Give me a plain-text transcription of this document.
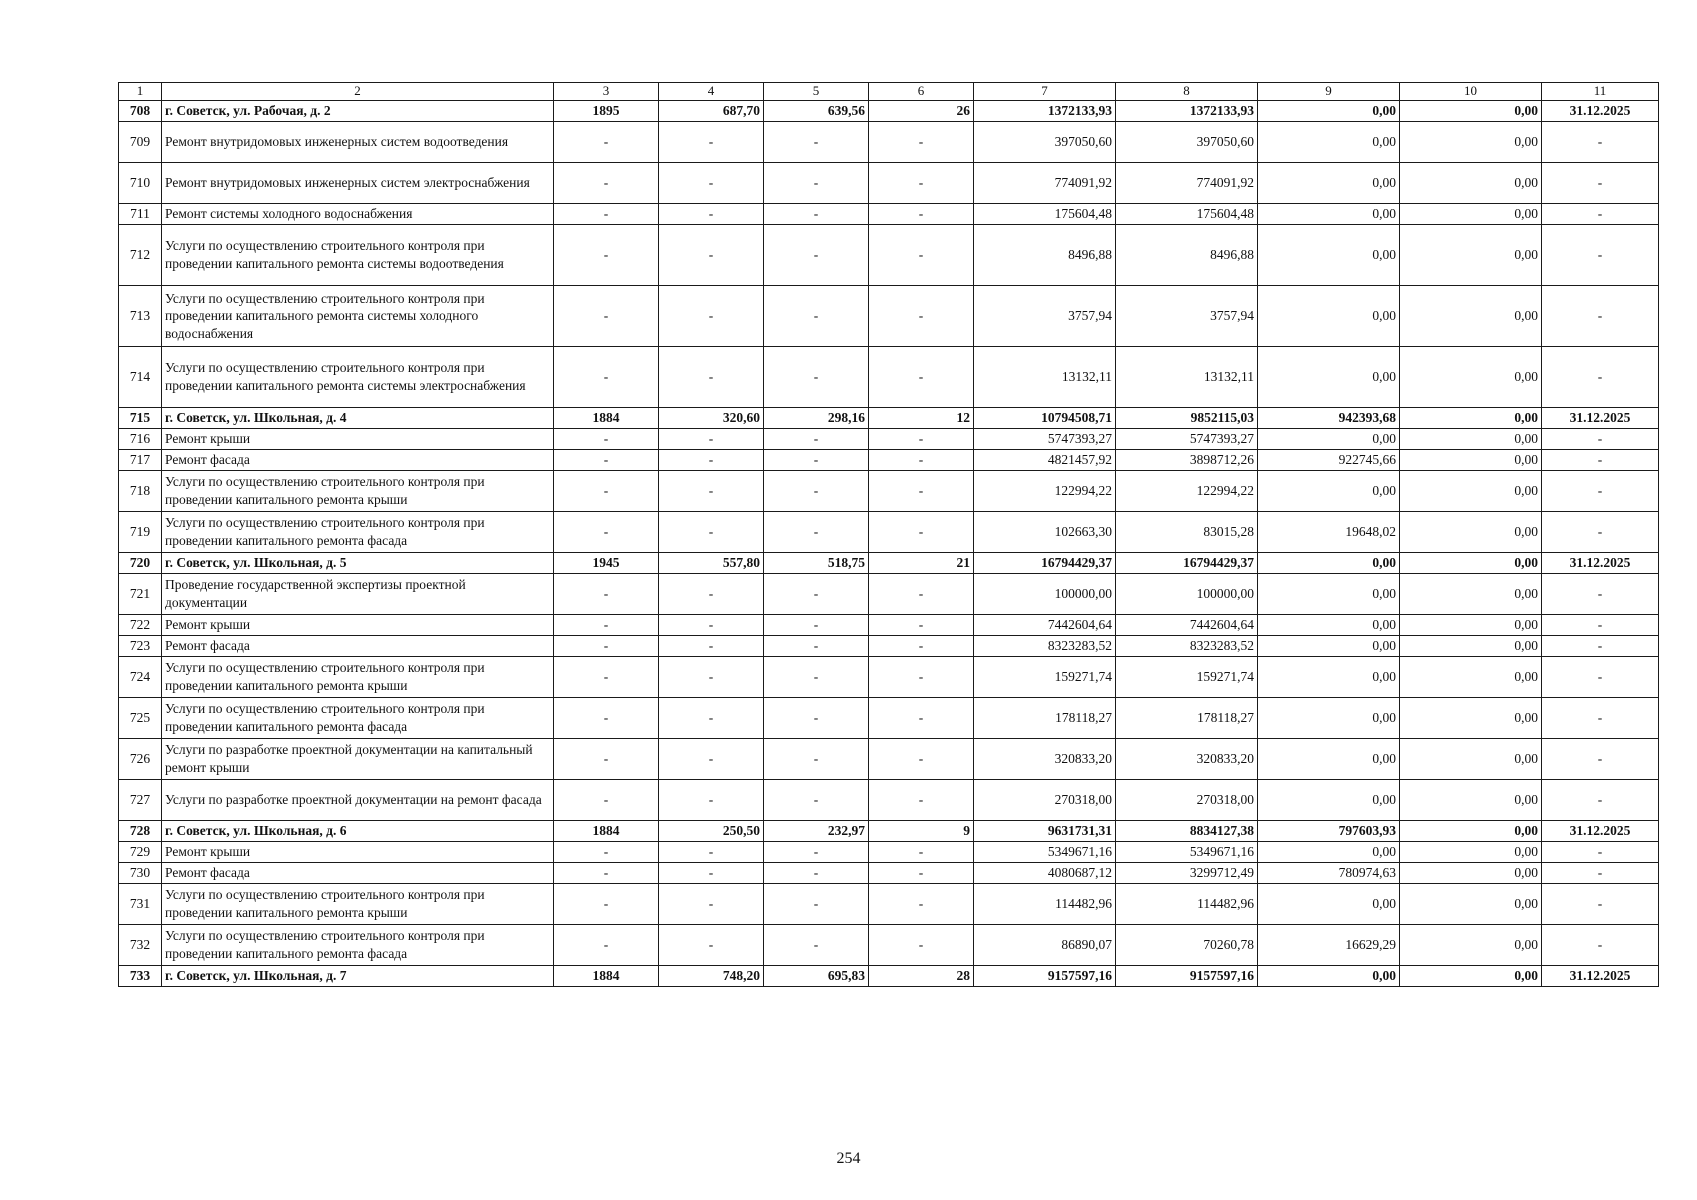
1	2	3	4	5	6	7	8	9	10	11
708	г. Советск, ул. Рабочая, д. 2	1895	687,70	639,56	26	1372133,93	1372133,93	0,00	0,00	31.12.2025
709	Ремонт внутридомовых инженерных систем водоотведения	-	-	-	-	397050,60	397050,60	0,00	0,00	-
710	Ремонт внутридомовых инженерных систем электроснабжения	-	-	-	-	774091,92	774091,92	0,00	0,00	-
711	Ремонт системы холодного водоснабжения	-	-	-	-	175604,48	175604,48	0,00	0,00	-
712	Услуги по осуществлению строительного контроля при проведении капитального ремонта системы водоотведения	-	-	-	-	8496,88	8496,88	0,00	0,00	-
713	Услуги по осуществлению строительного контроля при проведении капитального ремонта системы холодного водоснабжения	-	-	-	-	3757,94	3757,94	0,00	0,00	-
714	Услуги по осуществлению строительного контроля при проведении капитального ремонта системы электроснабжения	-	-	-	-	13132,11	13132,11	0,00	0,00	-
715	г. Советск, ул. Школьная, д. 4	1884	320,60	298,16	12	10794508,71	9852115,03	942393,68	0,00	31.12.2025
716	Ремонт крыши	-	-	-	-	5747393,27	5747393,27	0,00	0,00	-
717	Ремонт фасада	-	-	-	-	4821457,92	3898712,26	922745,66	0,00	-
718	Услуги по осуществлению строительного контроля при проведении капитального ремонта крыши	-	-	-	-	122994,22	122994,22	0,00	0,00	-
719	Услуги по осуществлению строительного контроля при проведении капитального ремонта фасада	-	-	-	-	102663,30	83015,28	19648,02	0,00	-
720	г. Советск, ул. Школьная, д. 5	1945	557,80	518,75	21	16794429,37	16794429,37	0,00	0,00	31.12.2025
721	Проведение государственной экспертизы проектной документации	-	-	-	-	100000,00	100000,00	0,00	0,00	-
722	Ремонт крыши	-	-	-	-	7442604,64	7442604,64	0,00	0,00	-
723	Ремонт фасада	-	-	-	-	8323283,52	8323283,52	0,00	0,00	-
724	Услуги по осуществлению строительного контроля при проведении капитального ремонта крыши	-	-	-	-	159271,74	159271,74	0,00	0,00	-
725	Услуги по осуществлению строительного контроля при проведении капитального ремонта фасада	-	-	-	-	178118,27	178118,27	0,00	0,00	-
726	Услуги по разработке проектной документации на капитальный ремонт крыши	-	-	-	-	320833,20	320833,20	0,00	0,00	-
727	Услуги по разработке проектной документации на ремонт фасада	-	-	-	-	270318,00	270318,00	0,00	0,00	-
728	г. Советск, ул. Школьная, д. 6	1884	250,50	232,97	9	9631731,31	8834127,38	797603,93	0,00	31.12.2025
729	Ремонт крыши	-	-	-	-	5349671,16	5349671,16	0,00	0,00	-
730	Ремонт фасада	-	-	-	-	4080687,12	3299712,49	780974,63	0,00	-
731	Услуги по осуществлению строительного контроля при проведении капитального ремонта крыши	-	-	-	-	114482,96	114482,96	0,00	0,00	-
732	Услуги по осуществлению строительного контроля при проведении капитального ремонта фасада	-	-	-	-	86890,07	70260,78	16629,29	0,00	-
733	г. Советск, ул. Школьная, д. 7	1884	748,20	695,83	28	9157597,16	9157597,16	0,00	0,00	31.12.2025
254
